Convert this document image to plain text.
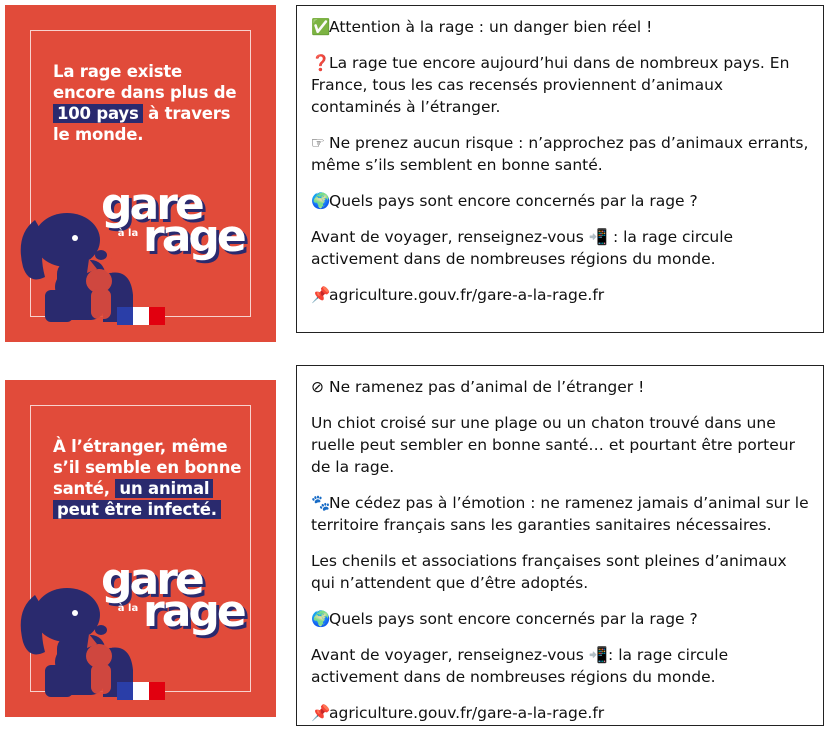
La rage existe encore dans plus de 100 pays à travers le monde.
gare
à la rage

✅Attention à la rage : un danger bien réel !

❓La rage tue encore aujourd’hui dans de nombreux pays. En France, tous les cas recensés proviennent d’animaux contaminés à l’étranger.

☞ Ne prenez aucun risque : n’approchez pas d’animaux errants, même s’ils semblent en bonne santé.

🌍Quels pays sont encore concernés par la rage ?

Avant de voyager, renseignez-vous 📲 : la rage circule activement dans de nombreuses régions du monde.

📌agriculture.gouv.fr/gare-a-la-rage.fr

À l’étranger, même s’il semble en bonne santé, un animal peut être infecté.
gare
à la rage

⊘ Ne ramenez pas d’animal de l’étranger !

Un chiot croisé sur une plage ou un chaton trouvé dans une ruelle peut sembler en bonne santé… et pourtant être porteur de la rage.

🐾Ne cédez pas à l’émotion : ne ramenez jamais d’animal sur le territoire français sans les garanties sanitaires nécessaires.

Les chenils et associations françaises sont pleines d’animaux qui n’attendent que d’être adoptés.

🌍Quels pays sont encore concernés par la rage ?

Avant de voyager, renseignez-vous 📲: la rage circule activement dans de nombreuses régions du monde.

📌agriculture.gouv.fr/gare-a-la-rage.fr
